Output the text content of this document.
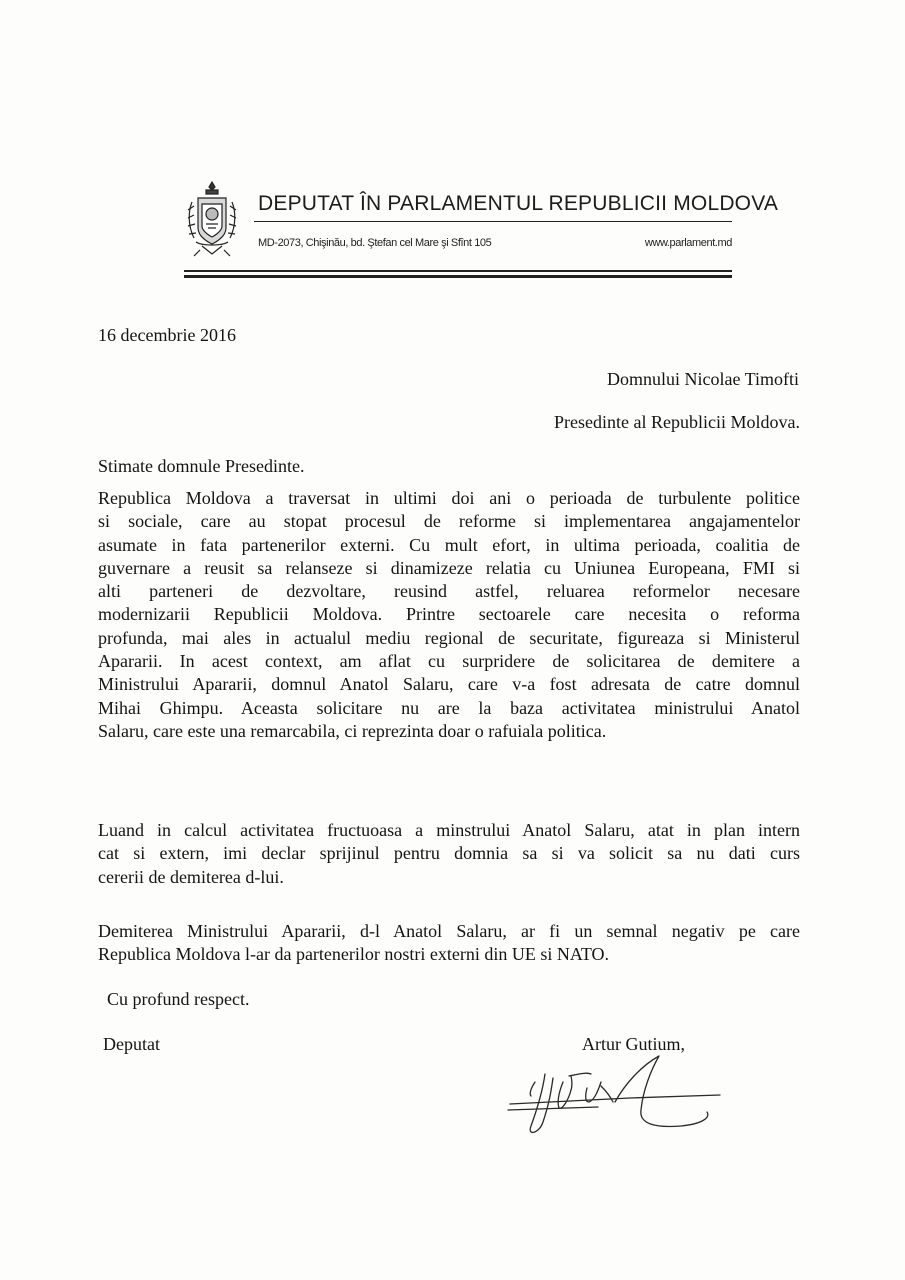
DEPUTAT ÎN PARLAMENTUL REPUBLICII MOLDOVA
MD-2073, Chişinău, bd. Ştefan cel Mare şi Sfînt 105	www.parlament.md
16 decembrie 2016
Domnului Nicolae Timofti
Presedinte al Republicii Moldova.
Stimate domnule Presedinte.
Republica Moldova a traversat in ultimi doi ani o perioada de turbulente politice
si sociale, care au stopat procesul de reforme si implementarea angajamentelor
asumate in fata partenerilor externi. Cu mult efort, in ultima perioada, coalitia de
guvernare a reusit sa relanseze si dinamizeze relatia cu Uniunea Europeana, FMI si
alti parteneri de dezvoltare, reusind astfel, reluarea reformelor necesare
modernizarii Republicii Moldova. Printre sectoarele care necesita o reforma
profunda, mai ales in actualul mediu regional de securitate, figureaza si Ministerul
Apararii. In acest context, am aflat cu surpridere de solicitarea de demitere a
Ministrului Apararii, domnul Anatol Salaru, care v-a fost adresata de catre domnul
Mihai Ghimpu. Aceasta solicitare nu are la baza activitatea ministrului Anatol
Salaru, care este una remarcabila, ci reprezinta doar o rafuiala politica.
Luand in calcul activitatea fructuoasa a minstrului Anatol Salaru, atat in plan intern
cat si extern, imi declar sprijinul pentru domnia sa si va solicit sa nu dati curs
cererii de demiterea d-lui.
Demiterea Ministrului Apararii, d-l Anatol Salaru, ar fi un semnal negativ pe care
Republica Moldova l-ar da partenerilor nostri externi din UE si NATO.
Cu profund respect.
Deputat	Artur Gutium,
